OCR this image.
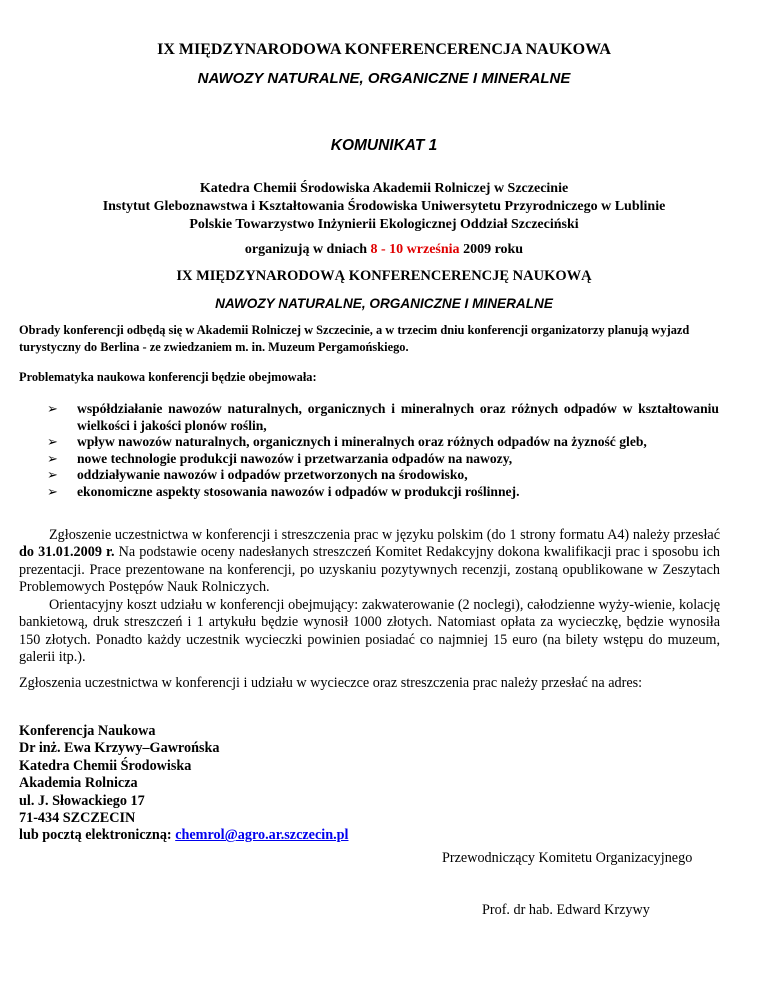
IX MIĘDZYNARODOWA KONFERENCERENCJA NAUKOWA
NAWOZY NATURALNE, ORGANICZNE I MINERALNE
KOMUNIKAT 1
Katedra Chemii Środowiska Akademii Rolniczej w Szczecinie
Instytut Gleboznawstwa i Kształtowania Środowiska Uniwersytetu Przyrodniczego w Lublinie
Polskie Towarzystwo Inżynierii Ekologicznej Oddział Szczeciński
organizują w dniach 8 - 10 września 2009 roku
IX MIĘDZYNARODOWĄ KONFERENCERENCJĘ NAUKOWĄ
NAWOZY NATURALNE, ORGANICZNE I MINERALNE

Obrady konferencji odbędą się w Akademii Rolniczej w Szczecinie, a w trzecim dniu konferencji organizatorzy planują wyjazd turystyczny do Berlina - ze zwiedzaniem m. in. Muzeum Pergamońskiego.

Problematyka naukowa konferencji będzie obejmowała:

➢ współdziałanie nawozów naturalnych, organicznych i mineralnych oraz różnych odpadów w kształtowaniu wielkości i jakości plonów roślin,
➢ wpływ nawozów naturalnych, organicznych i mineralnych oraz różnych odpadów na żyzność gleb,
➢ nowe technologie produkcji nawozów i przetwarzania odpadów na nawozy,
➢ oddziaływanie nawozów i odpadów przetworzonych na środowisko,
➢ ekonomiczne aspekty stosowania nawozów i odpadów w produkcji roślinnej.

Zgłoszenie uczestnictwa w konferencji i streszczenia prac w języku polskim (do 1 strony formatu A4) należy przesłać do 31.01.2009 r. Na podstawie oceny nadesłanych streszczeń Komitet Redakcyjny dokona kwalifikacji prac i sposobu ich prezentacji. Prace prezentowane na konferencji, po uzyskaniu pozytywnych recenzji, zostaną opublikowane w Zeszytach Problemowych Postępów Nauk Rolniczych.

Orientacyjny koszt udziału w konferencji obejmujący: zakwaterowanie (2 noclegi), całodzienne wyży-wienie, kolację bankietową, druk streszczeń i 1 artykułu będzie wynosił 1000 złotych. Natomiast opłata za wycieczkę, będzie wynosiła 150 złotych. Ponadto każdy uczestnik wycieczki powinien posiadać co najmniej 15 euro (na bilety wstępu do muzeum, galerii itp.).

Zgłoszenia uczestnictwa w konferencji i udziału w wycieczce oraz streszczenia prac należy przesłać na adres:

Konferencja Naukowa
Dr inż. Ewa Krzywy–Gawrońska
Katedra Chemii Środowiska
Akademia Rolnicza
ul. J. Słowackiego 17
71-434 SZCZECIN
lub pocztą elektroniczną: chemrol@agro.ar.szczecin.pl
Przewodniczący Komitetu Organizacyjnego
Prof. dr hab. Edward Krzywy
